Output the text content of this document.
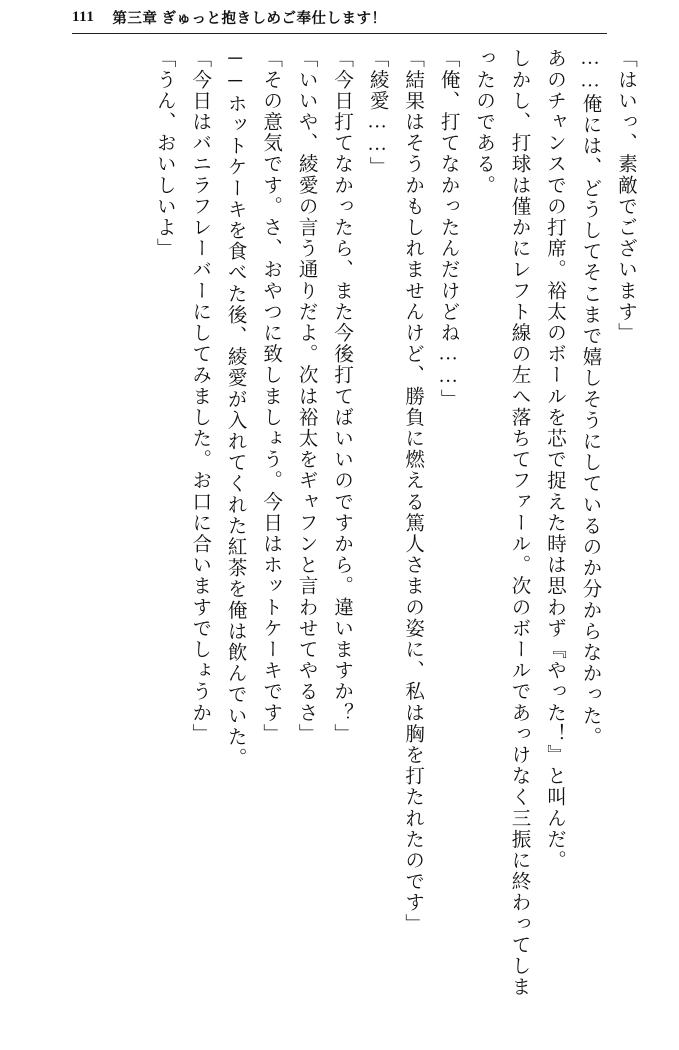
111 第三章 ぎゅっと抱きしめご奉仕します！

「はいっ、素敵でございます」

……俺には、どうしてそこまで嬉しそうにしているのか分からなかった。

あのチャンスでの打席。裕太のボールを芯で捉えた時は思わず『やった！』と叫んだ。

しかし、打球は僅かにレフト線の左へ落ちてファール。次のボールであっけなく三振に終わってしまったのである。

「俺、打てなかったんだけどね……」

「結果はそうかもしれませんけど、勝負に燃える篤人さまの姿に、私は胸を打たれたのです」

「綾愛……」

「今日打てなかったら、また今後打てばいいのですから。違いますか？」

「いいや、綾愛の言う通りだよ。次は裕太をギャフンと言わせてやるさ」

「その意気です。さ、おやつに致しましょう。今日はホットケーキです」

──ホットケーキを食べた後、綾愛が入れてくれた紅茶を俺は飲んでいた。

「今日はバニラフレーバーにしてみました。お口に合いますでしょうか」

「うん、おいしいよ」
